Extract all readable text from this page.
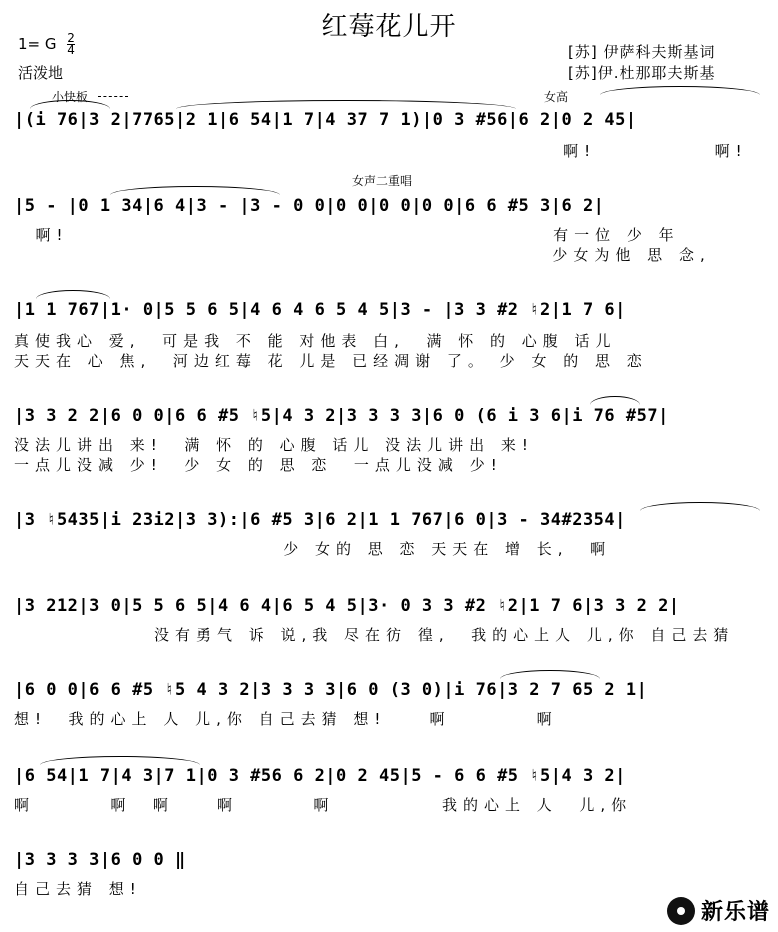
红莓花儿开
1= G $\frac{2}{4}$
活泼地
[苏] 伊萨科夫斯基词
[苏]伊.杜那耶夫斯基
小快板	女高
女声二重唱
|(i 76|3 2|7765|2 1|6 54|1 7|4 37 7 1)|0 3 #56|6 2|0 2 45|
啊!           啊!
|5 - |0 1 34|6 4|3 - |3 - 0 0|0 0|0 0|0 0|6 6 #5 3|6 2|
啊!                                             有一位 少 年
少女为他 思 念,
|1 1 767|1· 0|5 5 6 5|4 6 4 6 5 4 5|3 - |3 3 #2 ♮2|1 7 6|
真使我心 爱,  可是我 不 能 对他表 白,  满 怀 的 心腹 话儿
天天在 心 焦,  河边红莓 花 儿是 已经凋谢 了。 少 女 的 思 恋
|3 3 2 2|6 0 0|6 6 #5 ♮5|4 3 2|3 3 3 3|6 0 (6 i 3 6|i 76 #57|
没法儿讲出 来!  满 怀 的 心腹 话儿 没法儿讲出 来!
一点儿没减 少!  少 女 的 思 恋  一点儿没减 少!
|3 ♮5435|i 23i2|3 3):|6 #5 3|6 2|1 1 767|6 0|3 - 34#2354|
少 女的 思 恋 天天在 增 长,  啊
|3 212|3 0|5 5 6 5|4 6 4|6 5 4 5|3· 0 3 3 #2 ♮2|1 7 6|3 3 2 2|
没有勇气 诉 说,我 尽在彷 徨,  我的心上人 儿,你 自己去猜
|6 0 0|6 6 #5 ♮5 4 3 2|3 3 3 3|6 0 (3 0)|i 76|3 2 7 65 2 1|
想!  我的心上 人 儿,你 自己去猜 想!    啊        啊
|6 54|1 7|4 3|7 1|0 3 #56 6 2|0 2 45|5 - 6 6 #5 ♮5|4 3 2|
啊       啊  啊    啊       啊          我的心上 人  儿,你
|3 3 3 3|6 0 0 ‖
自己去猜 想!
新乐谱
